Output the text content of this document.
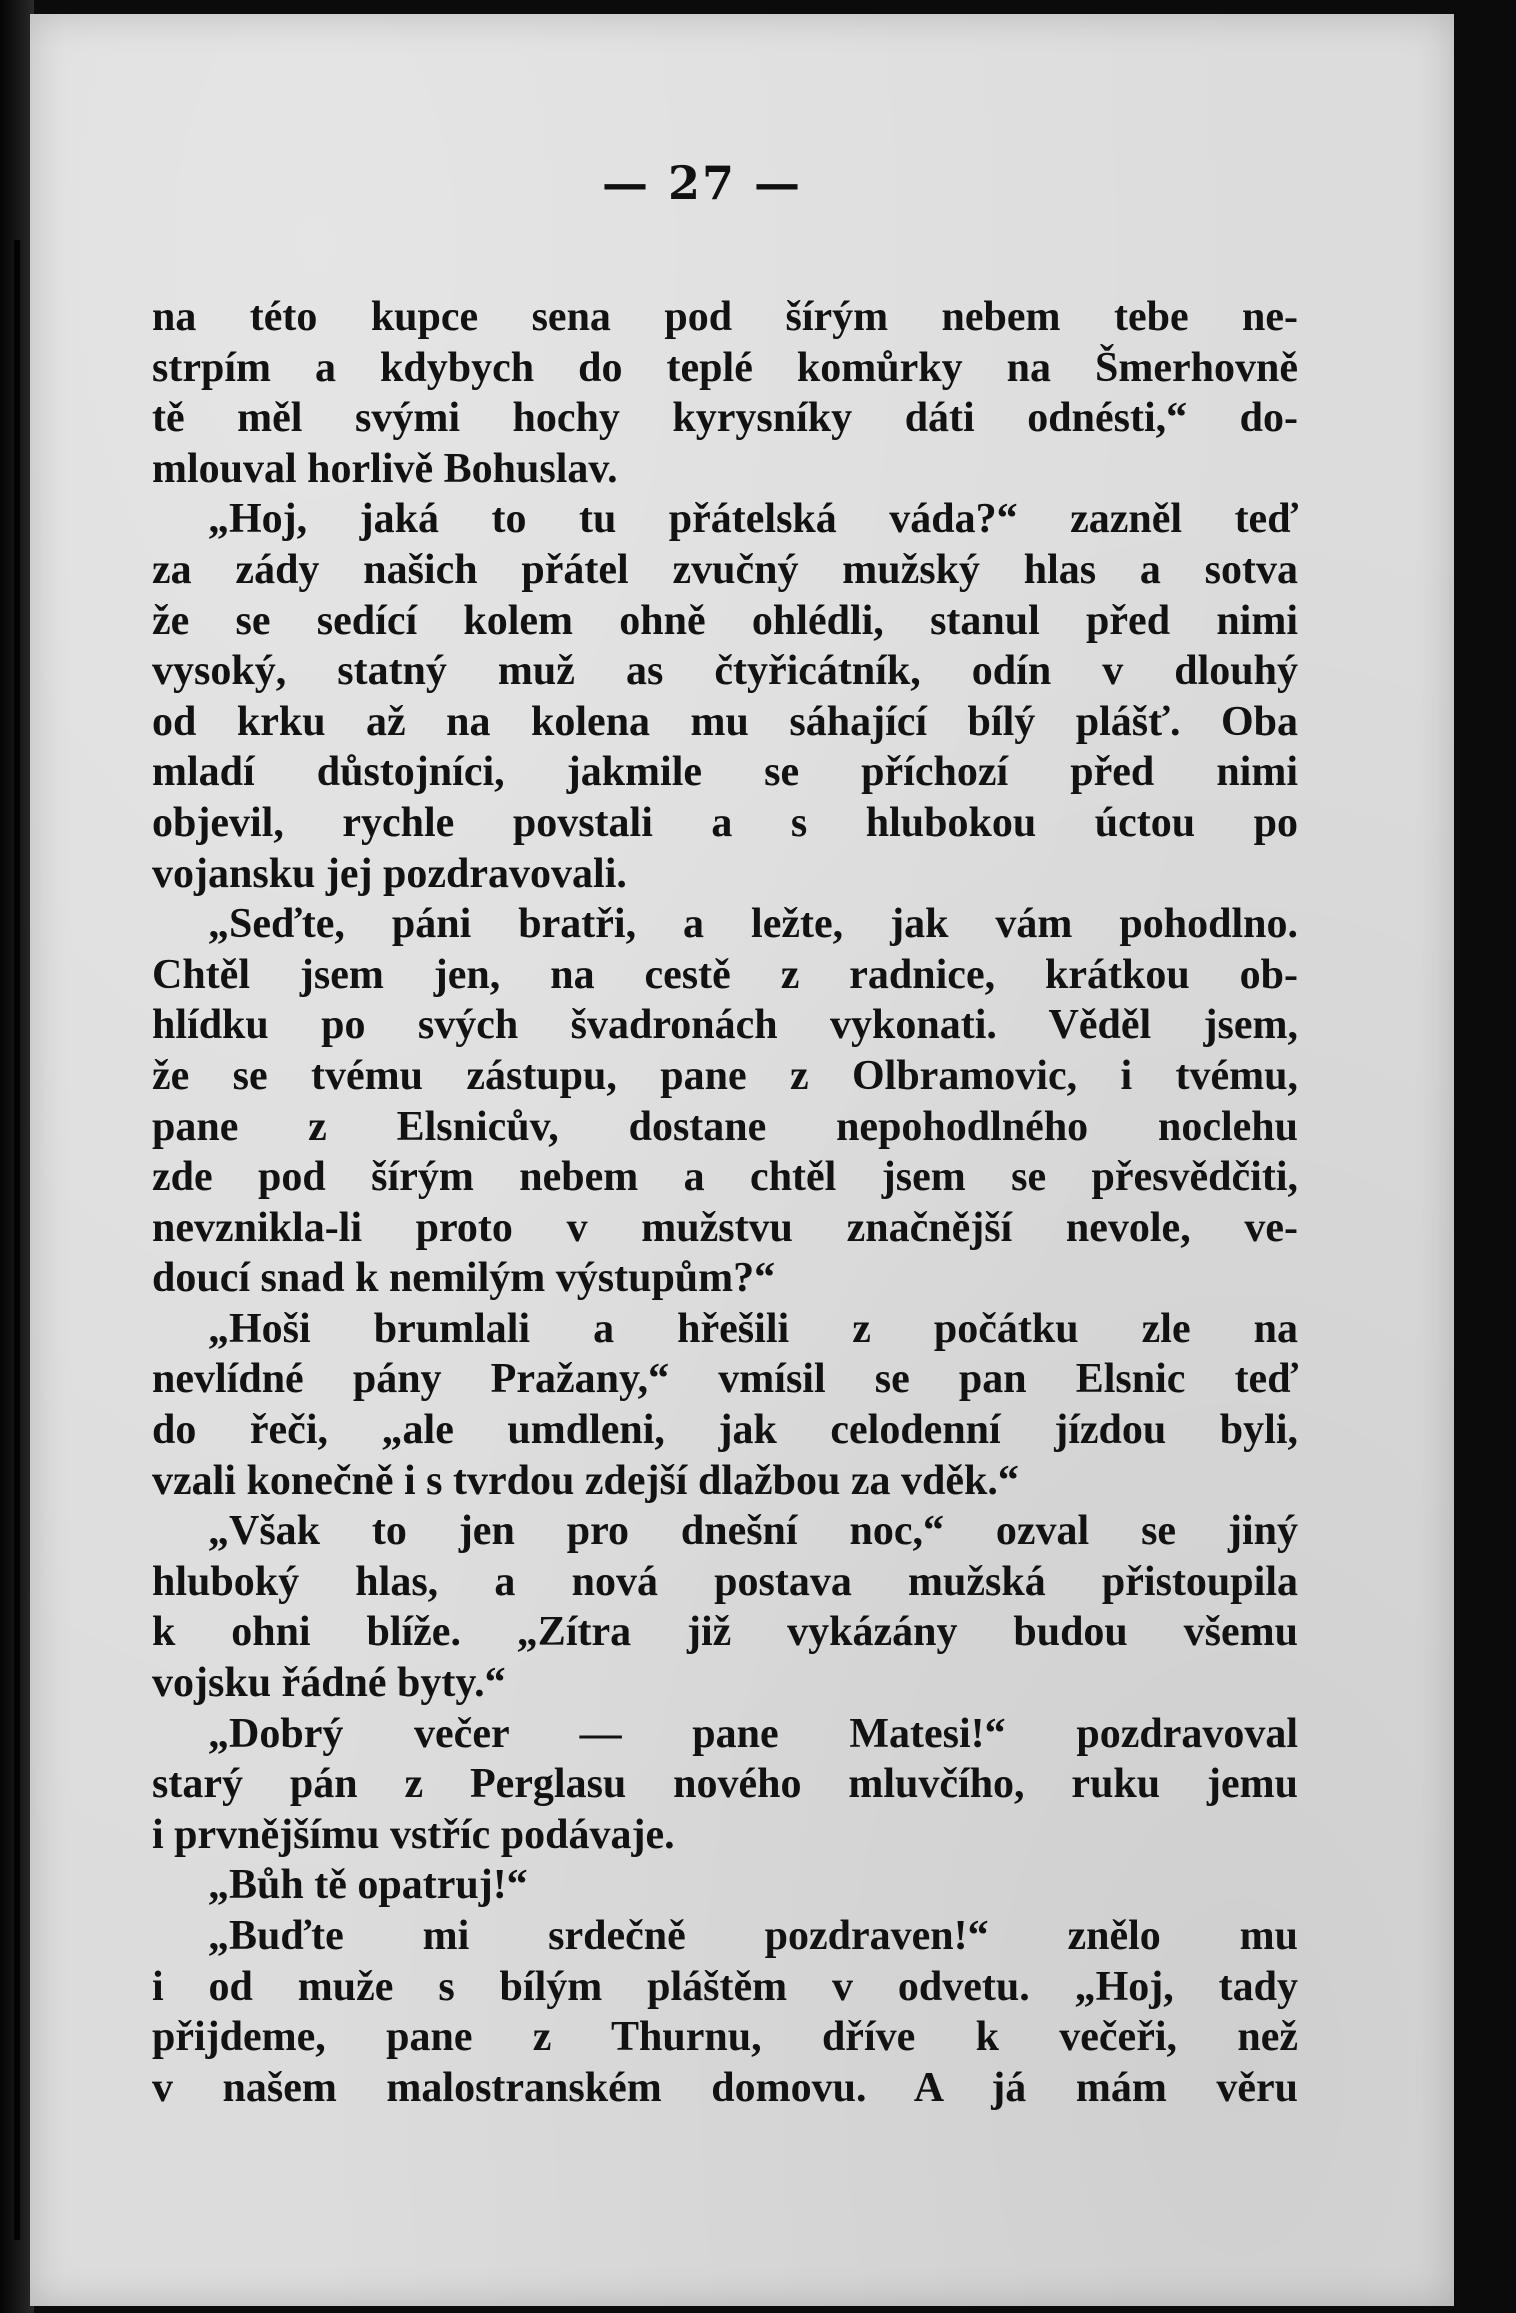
— 27 —
na této kupce sena pod šírým nebem tebe ne-
strpím a kdybych do teplé komůrky na Šmerhovně
tě měl svými hochy kyrysníky dáti odnésti,“ do-
mlouval horlivě Bohuslav.
„Hoj, jaká to tu přátelská váda?“ zazněl teď
za zády našich přátel zvučný mužský hlas a sotva
že se sedící kolem ohně ohlédli, stanul před nimi
vysoký, statný muž as čtyřicátník, odín v dlouhý
od krku až na kolena mu sáhající bílý plášť. Oba
mladí důstojníci, jakmile se příchozí před nimi
objevil, rychle povstali a s hlubokou úctou po
vojansku jej pozdravovali.
„Seďte, páni bratři, a ležte, jak vám pohodlno.
Chtěl jsem jen, na cestě z radnice, krátkou ob-
hlídku po svých švadronách vykonati. Věděl jsem,
že se tvému zástupu, pane z Olbramovic, i tvému,
pane z Elsnicův, dostane nepohodlného noclehu
zde pod šírým nebem a chtěl jsem se přesvědčiti,
nevznikla-li proto v mužstvu značnější nevole, ve-
doucí snad k nemilým výstupům?“
„Hoši brumlali a hřešili z počátku zle na
nevlídné pány Pražany,“ vmísil se pan Elsnic teď
do řeči, „ale umdleni, jak celodenní jízdou byli,
vzali konečně i s tvrdou zdejší dlažbou za vděk.“
„Však to jen pro dnešní noc,“ ozval se jiný
hluboký hlas, a nová postava mužská přistoupila
k ohni blíže. „Zítra již vykázány budou všemu
vojsku řádné byty.“
„Dobrý večer — pane Matesi!“ pozdravoval
starý pán z Perglasu nového mluvčího, ruku jemu
i prvnějšímu vstříc podávaje.
„Bůh tě opatruj!“
„Buďte mi srdečně pozdraven!“ znělo mu
i od muže s bílým pláštěm v odvetu. „Hoj, tady
přijdeme, pane z Thurnu, dříve k večeři, než
v našem malostranském domovu. A já mám věru
